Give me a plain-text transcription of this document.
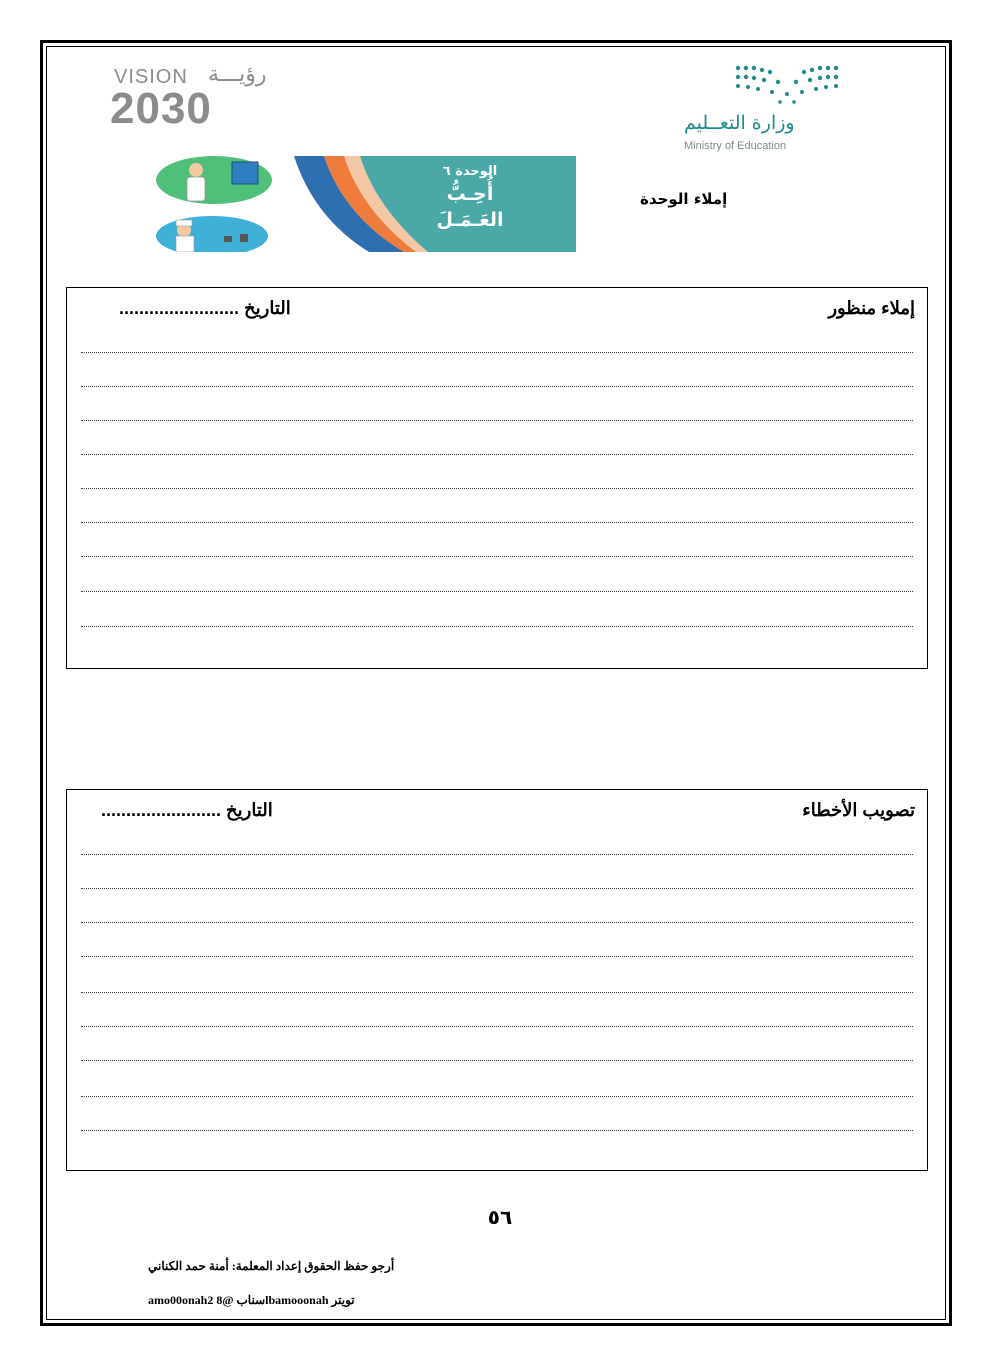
VISION رؤيـــة
2030	وزارة التعــليم
Ministry of Education
الوحدة ٦
أُحِـبُّ
العَـمَـلَ
إملاء الوحدة
إملاء منظور
التاريخ ........................
تصويب الأخطاء
التاريخ ........................
٥٦
أرجو حفظ الحقوق إعداد المعلمة: أمنة حمد الكناني
amo00onah2 سناب @8lbamooonah تويتر
